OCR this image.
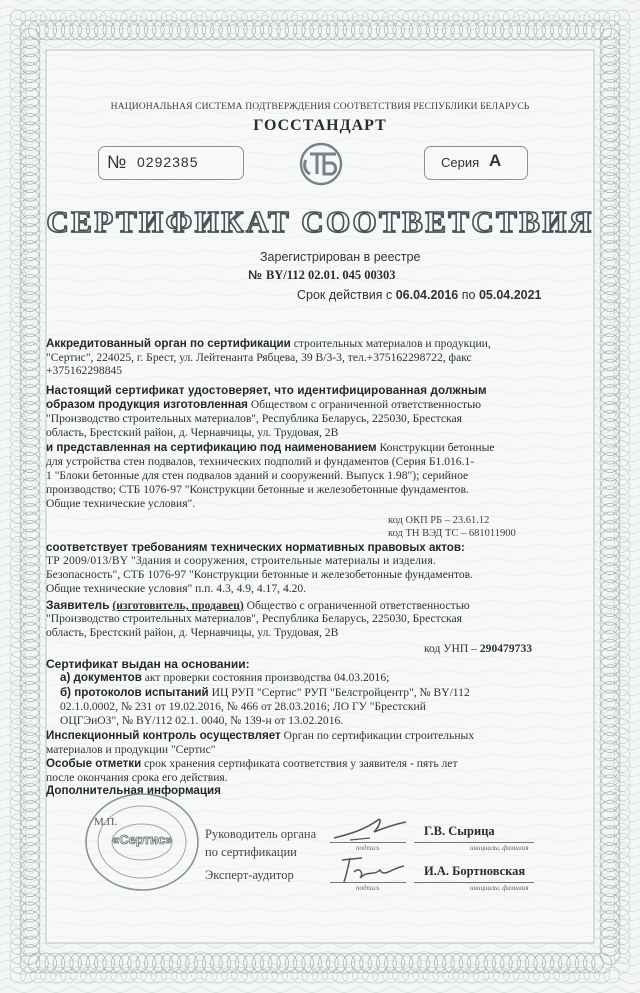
НАЦИОНАЛЬНАЯ СИСТЕМА ПОДТВЕРЖДЕНИЯ СООТВЕТСТВИЯ РЕСПУБЛИКИ БЕЛАРУСЬ
ГОССТАНДАРТ
№ 0292385	Серия А
СЕРТИФИКАТ СООТВЕТСТВИЯ
Зарегистрирован в реестре
№ BY/112 02.01. 045 00303
Срок действия с 06.04.2016 по 05.04.2021
Аккредитованный орган по сертификации строительных материалов и продукции,
"Сертис", 224025, г. Брест, ул. Лейтенанта Рябцева, 39 В/3-3, тел.+375162298722, факс
+375162298845
Настоящий сертификат удостоверяет, что идентифицированная должным
образом продукция изготовленная Обществом с ограниченной ответственностью
"Производство строительных материалов", Республика Беларусь, 225030, Брестская
область, Брестский район, д. Чернавчицы, ул. Трудовая, 2В
и представленная на сертификацию под наименованием Конструкции бетонные
для устройства стен подвалов, технических подполий и фундаментов (Серия Б1.016.1-
1 "Блоки бетонные для стен подвалов зданий и сооружений. Выпуск 1.98"); серийное
производство; СТБ 1076-97 "Конструкции бетонные и железобетонные фундаментов.
Общие технические условия".
код ОКП РБ – 23.61.12
код ТН ВЭД ТС – 681011900
соответствует требованиям технических нормативных правовых актов:
ТР 2009/013/BY "Здания и сооружения, строительные материалы и изделия.
Безопасность", СТБ 1076-97 "Конструкции бетонные и железобетонные фундаментов.
Общие технические условия" п.п. 4.3, 4.9, 4.17, 4.20.
Заявитель (изготовитель, продавец) Общество с ограниченной ответственностью
"Производство строительных материалов", Республика Беларусь, 225030, Брестская
область, Брестский район, д. Чернавчицы, ул. Трудовая, 2В
код УНП – 290479733
Сертификат выдан на основании:
а) документов акт проверки состояния производства 04.03.2016;
б) протоколов испытаний ИЦ РУП "Сертис" РУП "Белстройцентр", № BY/112
02.1.0.0002, № 231 от 19.02.2016, № 466 от 28.03.2016; ЛО ГУ "Брестский
ОЦГЭиОЗ", № BY/112 02.1. 0040, № 139-н от 13.02.2016.
Инспекционный контроль осуществляет Орган по сертификации строительных
материалов и продукции "Сертис"
Особые отметки срок хранения сертификата соответствия у заявителя - пять лет
после окончания срока его действия.
Дополнительная информация
М.П.
«Сертис»	Руководитель органа
по сертификации	подпись	инициалы, фамилия
Г.В. Сырица
Эксперт-аудитор
подпись	инициалы, фамилия
И.А. Бортновская
